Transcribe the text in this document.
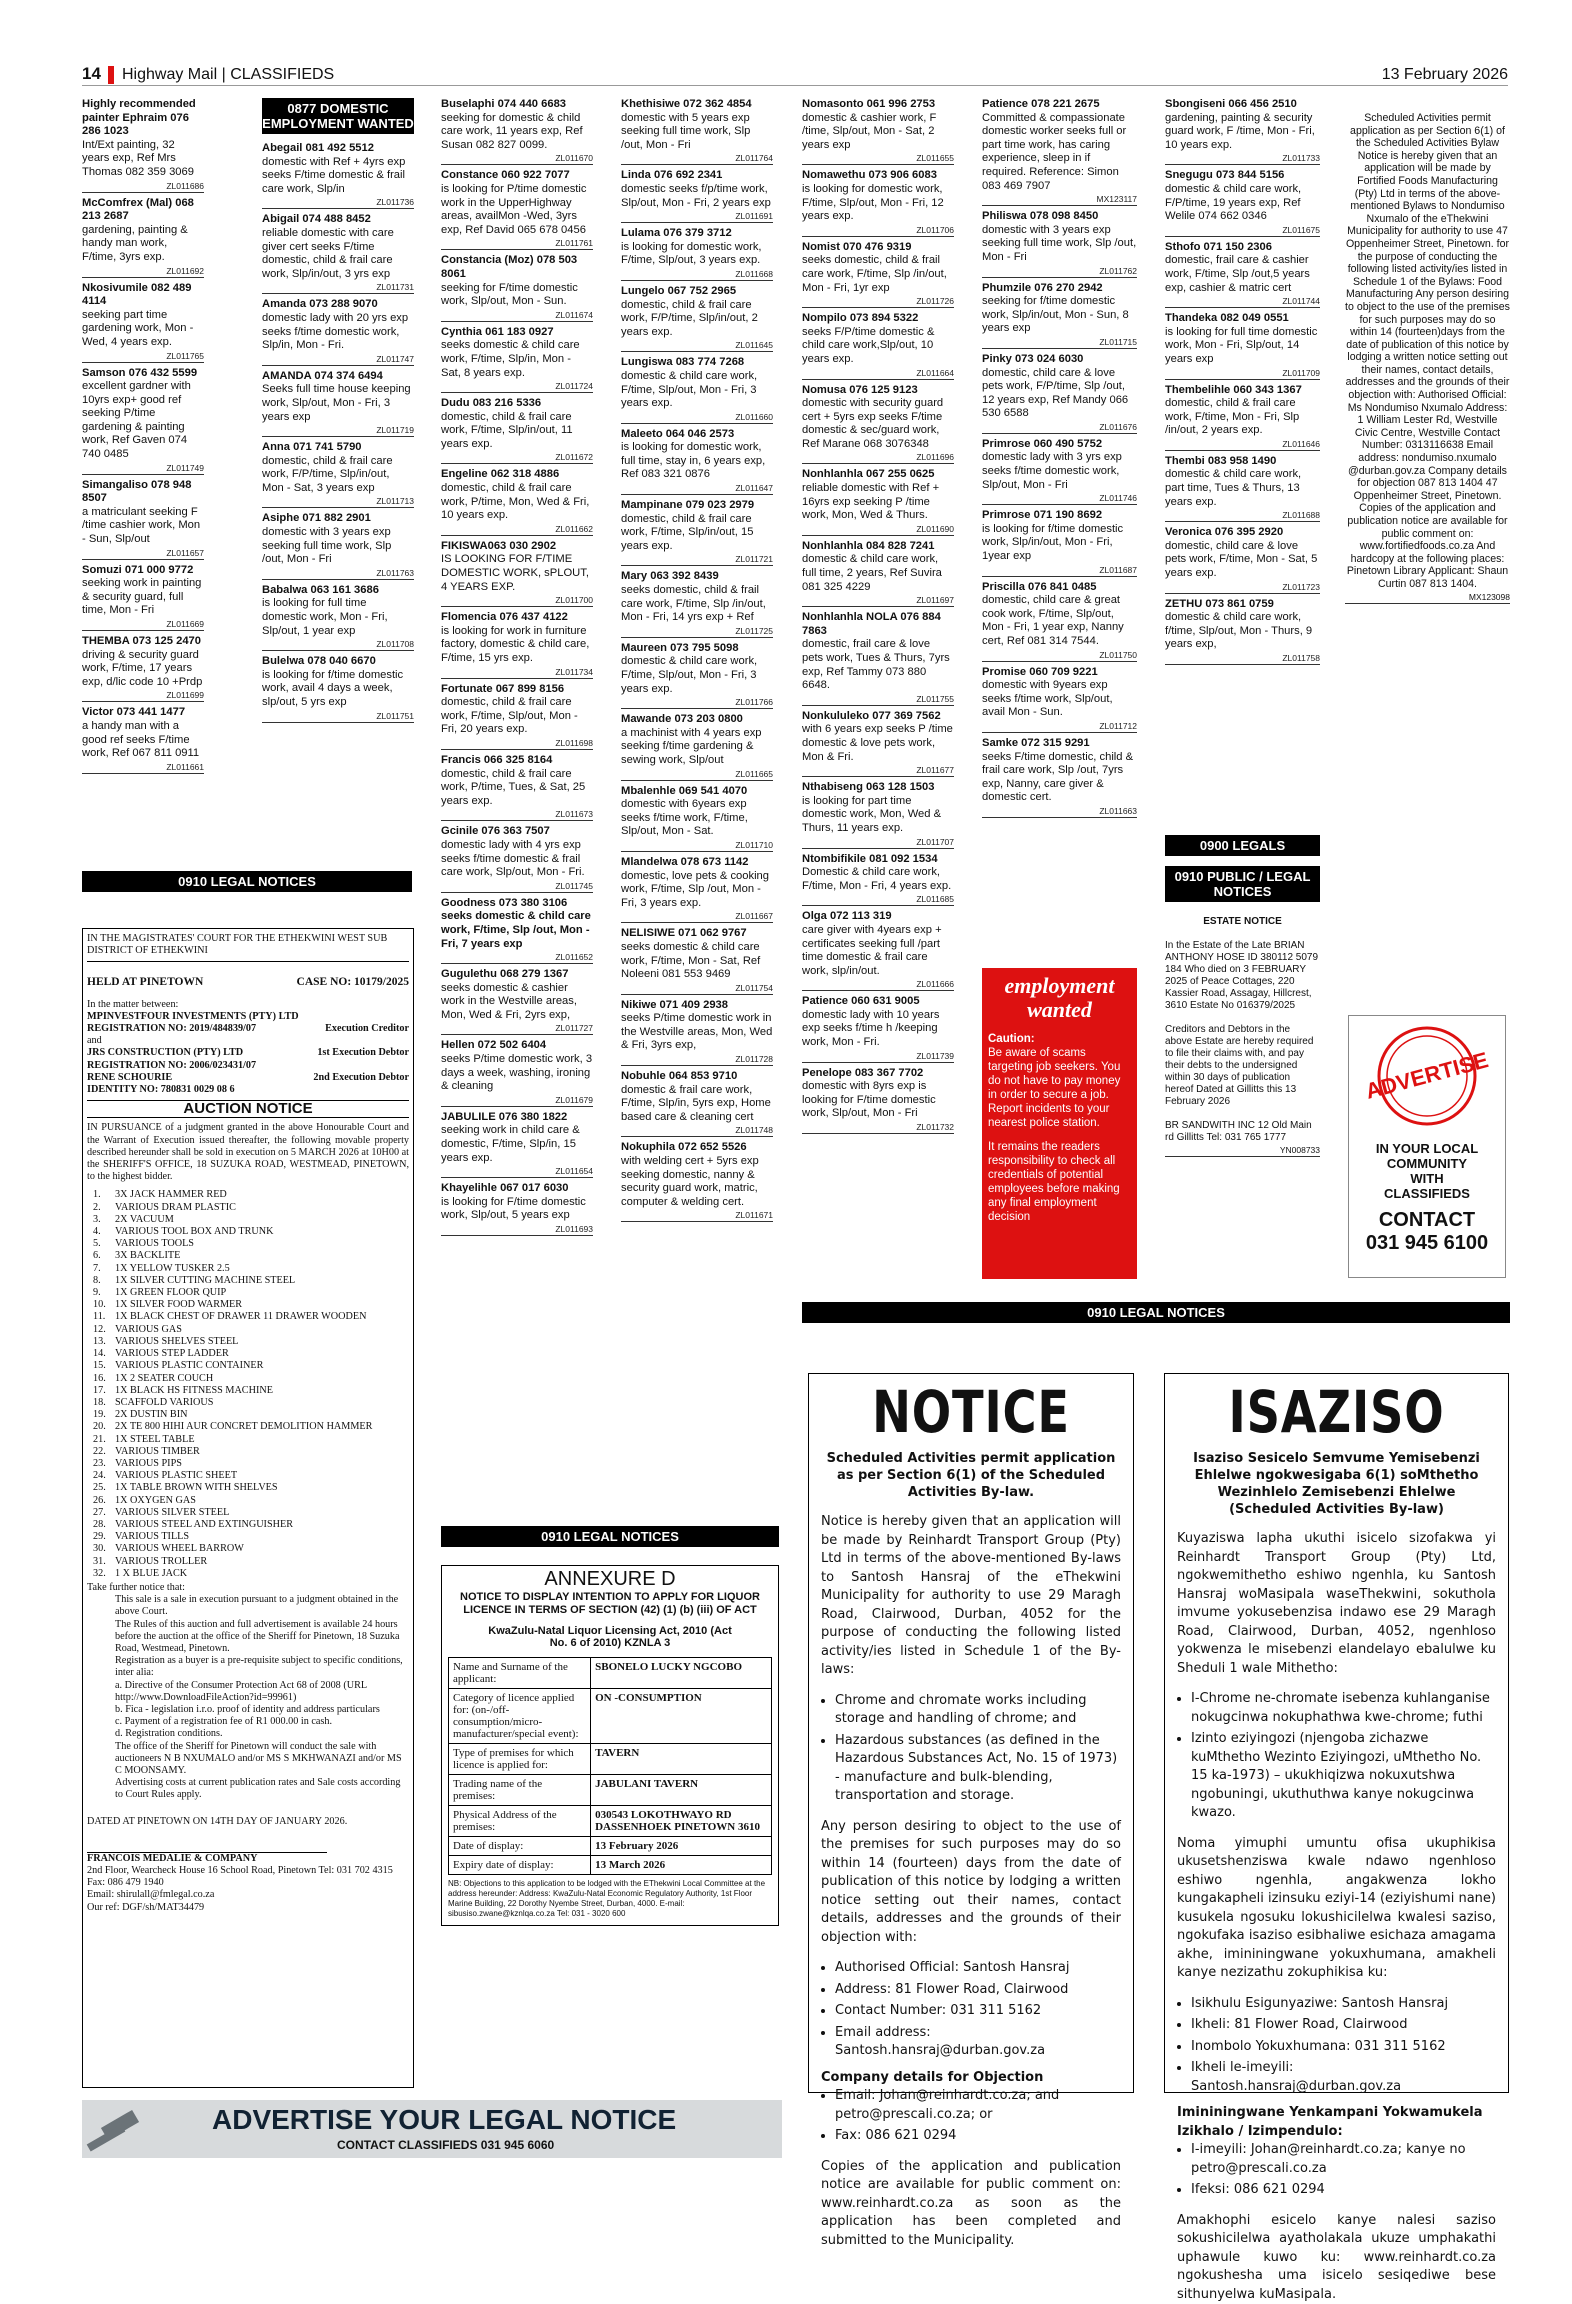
14 Highway Mail | CLASSIFIEDS	13 February 2026
Highly recommended painter Ephraim 076 286 1023
Int/Ext painting, 32 years exp, Ref Mrs Thomas 082 359 3069
ZL011686
McComfrex (Mal) 068 213 2687
gardening, painting & handy man work, F/time, 3yrs exp.
ZL011692
Nkosivumile 082 489 4114
seeking part time gardening work, Mon - Wed, 4 years exp.
ZL011765
Samson 076 432 5599
excellent gardner with 10yrs exp+ good ref seeking P/time gardening & painting work, Ref Gaven 074 740 0485
ZL011749
Simangaliso 078 948 8507
a matriculant seeking F /time cashier work, Mon - Sun, Slp/out
ZL011657
Somuzi 071 000 9772
seeking work in painting & security guard, full time, Mon - Fri
ZL011669
THEMBA 073 125 2470
driving & security guard work, F/time, 17 years exp, d/lic code 10 +Prdp
ZL011699
Victor 073 441 1477
a handy man with a good ref seeks F/time work, Ref 067 811 0911
ZL011661
0877 DOMESTIC EMPLOYMENT WANTED
Abegail 081 492 5512
domestic with Ref + 4yrs exp seeks F/time domestic & frail care work, Slp/in
ZL011736
Abigail 074 488 8452
reliable domestic with care giver cert seeks F/time domestic, child & frail care work, Slp/in/out, 3 yrs exp
ZL011731
Amanda 073 288 9070
domestic lady with 20 yrs exp seeks f/time domestic work, Slp/in, Mon - Fri.
ZL011747
AMANDA 074 374 6494
Seeks full time house keeping work, Slp/out, Mon - Fri, 3 years exp
ZL011719
Anna 071 741 5790
domestic, child & frail care work, F/P/time, Slp/in/out, Mon - Sat, 3 years exp
ZL011713
Asiphe 071 882 2901
domestic with 3 years exp seeking full time work, Slp /out, Mon - Fri
ZL011763
Babalwa 063 161 3686
is looking for full time domestic work, Mon - Fri, Slp/out, 1 year exp
ZL011708
Bulelwa 078 040 6670
is looking for f/time domestic work, avail 4 days a week, slp/out, 5 yrs exp
ZL011751
Buselaphi 074 440 6683
seeking for domestic & child care work, 11 years exp, Ref Susan 082 827 0099.
ZL011670
Constance 060 922 7077
is looking for P/time domestic work in the UpperHighway areas, availMon -Wed, 3yrs exp, Ref David 065 678 0456
ZL011761
Constancia (Moz) 078 503 8061
seeking for F/time domestic work, Slp/out, Mon - Sun.
ZL011674
Cynthia 061 183 0927
seeks domestic & child care work, F/time, Slp/in, Mon - Sat, 8 years exp.
ZL011724
Dudu 083 216 5336
domestic, child & frail care work, F/time, Slp/in/out, 11 years exp.
ZL011672
Engeline 062 318 4886
domestic, child & frail care work, P/time, Mon, Wed & Fri, 10 years exp.
ZL011662
FIKISWA063 030 2902
IS LOOKING FOR F/TIME DOMESTIC WORK, sPLOUT, 4 YEARS EXP.
ZL011700
Flomencia 076 437 4122
is looking for work in furniture factory, domestic & child care, F/time, 15 yrs exp.
ZL011734
Fortunate 067 899 8156
domestic, child & frail care work, F/time, Slp/out, Mon - Fri, 20 years exp.
ZL011698
Francis 066 325 8164
domestic, child & frail care work, P/time, Tues, & Sat, 25 years exp.
ZL011673
Gcinile 076 363 7507
domestic lady with 4 yrs exp seeks f/time domestic & frail care work, Slp/out, Mon - Fri.
ZL011745
Goodness 073 380 3106 seeks domestic & child care work, F/time, Slp /out, Mon - Fri, 7 years exp
ZL011652
Gugulethu 068 279 1367
seeks domestic & cashier work in the Westville areas, Mon, Wed & Fri, 2yrs exp,
ZL011727
Hellen 072 502 6404
seeks P/time domestic work, 3 days a week, washing, ironing & cleaning
ZL011679
JABULILE 076 380 1822
seeking work in child care & domestic, F/time, Slp/in, 15 years exp.
ZL011654
Khayelihle 067 017 6030
is looking for F/time domestic work, Slp/out, 5 years exp
ZL011693
Khethisiwe 072 362 4854
domestic with 5 years exp seeking full time work, Slp /out, Mon - Fri
ZL011764
Linda 076 692 2341
domestic seeks f/p/time work, Slp/out, Mon - Fri, 2 years exp
ZL011691
Lulama 076 379 3712
is looking for domestic work, F/time, Slp/out, 3 years exp.
ZL011668
Lungelo 067 752 2965
domestic, child & frail care work, F/P/time, Slp/in/out, 2 years exp.
ZL011645
Lungiswa 083 774 7268
domestic & child care work, F/time, Slp/out, Mon - Fri, 3 years exp.
ZL011660
Maleeto 064 046 2573
is looking for domestic work, full time, stay in, 6 years exp, Ref 083 321 0876
ZL011647
Mampinane 079 023 2979
domestic, child & frail care work, F/time, Slp/in/out, 15 years exp.
ZL011721
Mary 063 392 8439
seeks domestic, child & frail care work, F/time, Slp /in/out, Mon - Fri, 14 yrs exp + Ref
ZL011725
Maureen 073 795 5098
domestic & child care work, F/time, Slp/out, Mon - Fri, 3 years exp.
ZL011766
Mawande 073 203 0800
a machinist with 4 years exp seeking f/time gardening & sewing work, Slp/out
ZL011665
Mbalenhle 069 541 4070
domestic with 6years exp seeks f/time work, F/time, Slp/out, Mon - Sat.
ZL011710
Mlandelwa 078 673 1142
domestic, love pets & cooking work, F/time, Slp /out, Mon - Fri, 3 years exp.
ZL011667
NELISIWE 071 062 9767
seeks domestic & child care work, F/time, Mon - Sat, Ref Noleeni 081 553 9469
ZL011754
Nikiwe 071 409 2938
seeks P/time domestic work in the Westville areas, Mon, Wed & Fri, 3yrs exp,
ZL011728
Nobuhle 064 853 9710
domestic & frail care work, F/time, Slp/in, 5yrs exp, Home based care & cleaning cert
ZL011748
Nokuphila 072 652 5526
with welding cert + 5yrs exp seeking domestic, nanny & security guard work, matric, computer & welding cert.
ZL011671
Nomasonto 061 996 2753
domestic & cashier work, F /time, Slp/out, Mon - Sat, 2 years exp
ZL011655
Nomawethu 073 906 6083
is looking for domestic work, F/time, Slp/out, Mon - Fri, 12 years exp.
ZL011706
Nomist 070 476 9319
seeks domestic, child & frail care work, F/time, Slp /in/out, Mon - Fri, 1yr exp
ZL011726
Nompilo 073 894 5322
seeks F/P/time domestic & child care work,Slp/out, 10 years exp.
ZL011664
Nomusa 076 125 9123
domestic with security guard cert + 5yrs exp seeks F/time domestic & sec/guard work, Ref Marane 068 3076348
ZL011696
Nonhlanhla 067 255 0625
reliable domestic with Ref + 16yrs exp seeking P /time work, Mon, Wed & Thurs.
ZL011690
Nonhlanhla 084 828 7241
domestic & child care work, full time, 2 years, Ref Suvira 081 325 4229
ZL011697
Nonhlanhla NOLA 076 884 7863
domestic, frail care & love pets work, Tues & Thurs, 7yrs exp, Ref Tammy 073 880 6648.
ZL011755
Nonkululeko 077 369 7562
with 6 years exp seeks P /time domestic & love pets work, Mon & Fri.
ZL011677
Nthabiseng 063 128 1503
is looking for part time domestic work, Mon, Wed & Thurs, 11 years exp.
ZL011707
Ntombifikile 081 092 1534
Domestic & child care work, F/time, Mon - Fri, 4 years exp.
ZL011685
Olga 072 113 319
care giver with 4years exp + certificates seeking full /part time domestic & frail care work, slp/in/out.
ZL011666
Patience 060 631 9005
domestic lady with 10 years exp seeks f/time h /keeping work, Mon - Fri.
ZL011739
Penelope 083 367 7702
domestic with 8yrs exp is looking for F/time domestic work, Slp/out, Mon - Fri
ZL011732
Patience 078 221 2675
Committed & compassionate domestic worker seeks full or part time work, has caring experience, sleep in if required. Reference: Simon 083 469 7907
MX123117
Philiswa 078 098 8450
domestic with 3 years exp seeking full time work, Slp /out, Mon - Fri
ZL011762
Phumzile 076 270 2942
seeking for f/time domestic work, Slp/in/out, Mon - Sun, 8 years exp
ZL011715
Pinky 073 024 6030
domestic, child care & love pets work, F/P/time, Slp /out, 12 years exp, Ref Mandy 066 530 6588
ZL011676
Primrose 060 490 5752
domestic lady with 3 yrs exp seeks f/time domestic work, Slp/out, Mon - Fri
ZL011746
Primrose 071 190 8692
is looking for f/time domestic work, Slp/in/out, Mon - Fri, 1year exp
ZL011687
Priscilla 076 841 0485
domestic, child care & great cook work, F/time, Slp/out, Mon - Fri, 1 year exp, Nanny cert, Ref 081 314 7544.
ZL011750
Promise 060 709 9221
domestic with 9years exp seeks f/time work, Slp/out, avail Mon - Sun.
ZL011712
Samke 072 315 9291
seeks F/time domestic, child & frail care work, Slp /out, 7yrs exp, Nanny, care giver & domestic cert.
ZL011663
Sbongiseni 066 456 2510
gardening, painting & security guard work, F /time, Mon - Fri, 10 years exp.
ZL011733
Snegugu 073 844 5156
domestic & child care work, F/P/time, 19 years exp, Ref Welile 074 662 0346
ZL011675
Sthofo 071 150 2306
domestic, frail care & cashier work, F/time, Slp /out,5 years exp, cashier & matric cert
ZL011744
Thandeka 082 049 0551
is looking for full time domestic work, Mon - Fri, Slp/out, 14 years exp
ZL011709
Thembelihle 060 343 1367
domestic, child & frail care work, F/time, Mon - Fri, Slp /in/out, 2 years exp.
ZL011646
Thembi 083 958 1490
domestic & child care work, part time, Tues & Thurs, 13 years exp.
ZL011688
Veronica 076 395 2920
domestic, child care & love pets work, F/time, Mon - Sat, 5 years exp.
ZL011723
ZETHU 073 861 0759
domestic & child care work, f/time, Slp/out, Mon - Thurs, 9 years exp,
ZL011758
Scheduled Activities permit application as per Section 6(1) of the Scheduled Activities Bylaw Notice is hereby given that an application will be made by Fortified Foods Manufacturing (Pty) Ltd in terms of the above-mentioned Bylaws to Nondumiso Nxumalo of the eThekwini Municipality for authority to use 47 Oppenheimer Street, Pinetown. for the purpose of conducting the following listed activity/ies listed in Schedule 1 of the Bylaws: Food Manufacturing Any person desiring to object to the use of the premises for such purposes may do so within 14 (fourteen)days from the date of publication of this notice by lodging a written notice setting out their names, contact details, addresses and the grounds of their objection with: Authorised Official: Ms Nondumiso Nxumalo Address: 1 William Lester Rd, Westville Civic Centre, Westville Contact Number: 0313116638 Email address: nondumiso.nxumalo @durban.gov.za Company details for objection 087 813 1404 47 Oppenheimer Street, Pinetown. Copies of the application and publication notice are available for public comment on: www.fortifiedfoods.co.za And hardcopy at the following places: Pinetown Library Applicant: Shaun Curtin 087 813 1404.
MX123098
employment wanted
Caution:
Be aware of scams targeting job seekers. You do not have to pay money in order to secure a job. Report incidents to your nearest police station.
It remains the readers responsibility to check all credentials of potential employees before making any final employment decision
0900 LEGALS
0910 PUBLIC / LEGAL NOTICES
ESTATE NOTICE
In the Estate of the Late BRIAN ANTHONY HOSE ID 380112 5079 184 Who died on 3 FEBRUARY 2025 of Peace Cottages, 220 Kassier Road, Assagay, Hillcrest, 3610 Estate No 016379/2025
Creditors and Debtors in the above Estate are hereby required to file their claims with, and pay their debts to the undersigned within 30 days of publication hereof Dated at Gillitts this 13 February 2026
BR SANDWITH INC 12 Old Main rd Gillitts Tel: 031 765 1777
YN008733
ADVERTISE
IN YOUR LOCAL COMMUNITY WITH CLASSIFIEDS
CONTACT
031 945 6100
0910 LEGAL NOTICES
IN THE MAGISTRATES' COURT FOR THE ETHEKWINI WEST SUB DISTRICT OF ETHEKWINI
HELD AT PINETOWN	CASE NO: 10179/2025
In the matter between:
MPINVESTFOUR INVESTMENTS (PTY) LTD
REGISTRATION NO: 2019/484839/07	Execution Creditor
and
JRS CONSTRUCTION (PTY) LTD	1st Execution Debtor
REGISTRATION NO: 2006/023431/07
RENE SCHOURIE	2nd Execution Debtor
IDENTITY NO: 780831 0029 08 6
AUCTION NOTICE
IN PURSUANCE of a judgment granted in the above Honourable Court and the Warrant of Execution issued thereafter, the following movable property described hereunder shall be sold in execution on 5 MARCH 2026 at 10H00 at the SHERIFF'S OFFICE, 18 SUZUKA ROAD, WESTMEAD, PINETOWN, to the highest bidder.
1.	3X JACK HAMMER RED
2.	VARIOUS DRAM PLASTIC
3.	2X VACUUM
4.	VARIOUS TOOL BOX AND TRUNK
5.	VARIOUS TOOLS
6.	3X BACKLITE
7.	1X YELLOW TUSKER 2.5
8.	1X SILVER CUTTING MACHINE STEEL
9.	1X GREEN FLOOR QUIP
10. 1X SILVER FOOD WARMER
11. 1X BLACK CHEST OF DRAWER 11 DRAWER WOODEN
12. VARIOUS GAS
13. VARIOUS SHELVES STEEL
14. VARIOUS STEP LADDER
15. VARIOUS PLASTIC CONTAINER
16. 1X 2 SEATER COUCH
17. 1X BLACK HS FITNESS MACHINE
18. SCAFFOLD VARIOUS
19. 2X DUSTIN BIN
20. 2X TE 800 HIHI AUR CONCRET DEMOLITION HAMMER
21. 1X STEEL TABLE
22. VARIOUS TIMBER
23. VARIOUS PIPS
24. VARIOUS PLASTIC SHEET
25. 1X TABLE BROWN WITH SHELVES
26. 1X OXYGEN GAS
27. VARIOUS SILVER STEEL
28. VARIOUS STEEL AND EXTINGUISHER
29. VARIOUS TILLS
30. VARIOUS WHEEL BARROW
31. VARIOUS TROLLER
32. 1 X BLUE JACK
Take further notice that:
This sale is a sale in execution pursuant to a judgment obtained in the above Court.
The Rules of this auction and full advertisement is available 24 hours before the auction at the office of the Sheriff for Pinetown, 18 Suzuka Road, Westmead, Pinetown.
Registration as a buyer is a pre-requisite subject to specific conditions, inter alia:
a. Directive of the Consumer Protection Act 68 of 2008 (URL http://www.DownloadFileAction?id=99961)
b. Fica - legislation i.r.o. proof of identity and address particulars
c. Payment of a registration fee of R1 000.00 in cash.
d. Registration conditions.
The office of the Sheriff for Pinetown will conduct the sale with auctioneers N B NXUMALO and/or MS S MKHWANAZI and/or MS C MOONSAMY.
Advertising costs at current publication rates and Sale costs according to Court Rules apply.
DATED AT PINETOWN ON 14TH DAY OF JANUARY 2026.
FRANCOIS MEDALIE & COMPANY
2nd Floor, Wearcheck House 16 School Road, Pinetown Tel: 031 702 4315 Fax: 086 479 1940
Email: shirulall@fmlegal.co.za
Our ref: DGF/sh/MAT34479
0910 LEGAL NOTICES
ANNEXURE D
NOTICE TO DISPLAY INTENTION TO APPLY FOR LIQUOR LICENCE IN TERMS OF SECTION (42) (1) (b) (iii) OF ACT
KwaZulu-Natal Liquor Licensing Act, 2010 (Act No. 6 of 2010) KZNLA 3
Name and Surname of the applicant:	SBONELO LUCKY NGCOBO
Category of licence applied for: (on-/off-consumption/micro-manufacturer/special event):	ON -CONSUMPTION
Type of premises for which licence is applied for:	TAVERN
Trading name of the premises:	JABULANI TAVERN
Physical Address of the premises:	030543 LOKOTHWAYO RD DASSENHOEK PINETOWN 3610
Date of display:	13 February 2026
Expiry date of display:	13 March 2026
NB: Objections to this application to be lodged with the EThekwini Local Committee at the address hereunder: Address: KwaZulu-Natal Economic Regulatory Authority, 1st Floor Marine Building, 22 Dorothy Nyembe Street, Durban, 4000. E-mail: sibusiso.zwane@kznlqa.co.za Tel: 031 - 3020 600
0910 LEGAL NOTICES
NOTICE
Scheduled Activities permit application as per Section 6(1) of the Scheduled Activities By-law.

Notice is hereby given that an application will be made by Reinhardt Transport Group (Pty) Ltd in terms of the above-mentioned By-laws to Santosh Hansraj of the eThekwini Municipality for authority to use 29 Maragh Road, Clairwood, Durban, 4052 for the purpose of conducting the following listed activity/ies listed in Schedule 1 of the By-laws:

• Chrome and chromate works including storage and handling of chrome; and
• Hazardous substances (as defined in the Hazardous Substances Act, No. 15 of 1973) - manufacture and bulk-blending, transportation and storage.

Any person desiring to object to the use of the premises for such purposes may do so within 14 (fourteen) days from the date of publication of this notice by lodging a written notice setting out their names, contact details, addresses and the grounds of their objection with:

• Authorised Official: Santosh Hansraj
• Address: 81 Flower Road, Clairwood
• Contact Number: 031 311 5162
• Email address: Santosh.hansraj@durban.gov.za
Company details for Objection
• Email: Johan@reinhardt.co.za; and petro@prescali.co.za; or
• Fax: 086 621 0294

Copies of the application and publication notice are available for public comment on: www.reinhardt.co.za as soon as the application has been completed and submitted to the Municipality.

ISAZISO
Isaziso Sesicelo Semvume Yemisebenzi Ehlelwe ngokwesigaba 6(1) soMthetho Wezinhlelo Zemisebenzi Ehlelwe (Scheduled Activities By-law)

Kuyaziswa lapha ukuthi isicelo sizofakwa yi Reinhardt Transport Group (Pty) Ltd, ngokwemithetho eshiwo ngenhla, ku Santosh Hansraj woMasipala waseThekwini, sokuthola imvume yokusebenzisa indawo ese 29 Maragh Road, Clairwood, Durban, 4052, ngenhloso yokwenza le misebenzi elandelayo ebalulwe ku Sheduli 1 wale Mithetho:

• I-Chrome ne-chromate isebenza kuhlanganise nokugcinwa nokuphathwa kwe-chrome; futhi
• Izinto eziyingozi (njengoba zichazwe kuMthetho Wezinto Eziyingozi, uMthetho No. 15 ka-1973) – ukukhiqizwa nokuxutshwa ngobuningi, ukuthuthwa kanye nokugcinwa kwazo.

Noma yimuphi umuntu ofisa ukuphikisa ukusetshenziswa kwale ndawo ngenhloso eshiwo ngenhla, angakwenza lokho kungakapheli izinsuku eziyi-14 (eziyishumi nane) kusukela ngosuku lokushicilelwa kwalesi saziso, ngokufaka isaziso esibhaliwe esichaza amagama akhe, imininingwane yokuxhumana, amakheli kanye nezizathu zokuphikisa ku:

• Isikhulu Esigunyaziwe: Santosh Hansraj
• Ikheli: 81 Flower Road, Clairwood
• Inombolo Yokuxhumana: 031 311 5162
• Ikheli le-imeyili: Santosh.hansraj@durban.gov.za
Imininingwane Yenkampani Yokwamukela Izikhalo / Izimpendulo:
• I-imeyili: Johan@reinhardt.co.za; kanye no petro@prescali.co.za
• Ifeksi: 086 621 0294

Amakhophi esicelo kanye nalesi saziso sokushicilelwa ayatholakala ukuze umphakathi uphawule kuwo ku: www.reinhardt.co.za ngokushesha uma isicelo sesiqediwe bese sithunyelwa kuMasipala.

ADVERTISE YOUR LEGAL NOTICE
CONTACT CLASSIFIEDS 031 945 6060
